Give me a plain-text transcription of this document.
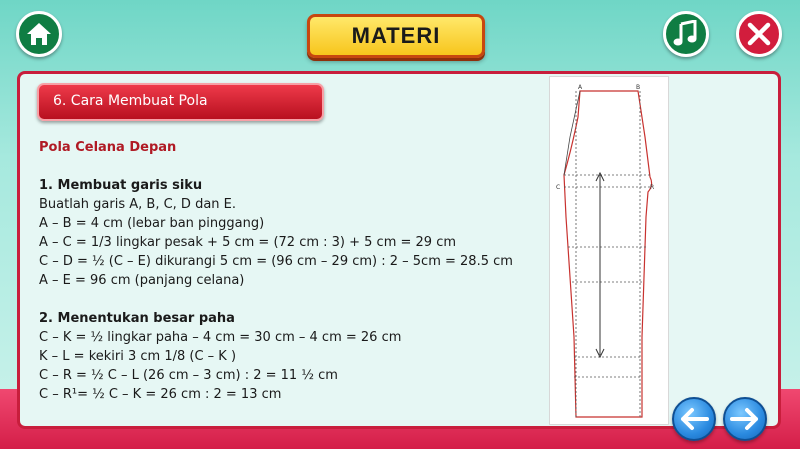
MATERI
6. Cara Membuat Pola
Pola Celana Depan
1. Membuat garis siku
Buatlah garis A, B, C, D dan E.
A – B = 4 cm (lebar ban pinggang)
A – C = 1/3 lingkar pesak + 5 cm = (72 cm : 3) + 5 cm = 29 cm
C – D = ½ (C – E) dikurangi 5 cm = (96 cm – 29 cm) : 2 – 5cm = 28.5 cm
A – E = 96 cm (panjang celana)
2. Menentukan besar paha
C – K = ½ lingkar paha – 4 cm = 30 cm – 4 cm = 26 cm
K – L = kekiri 3 cm 1/8 (C – K )
C – R = ½ C – L (26 cm – 3 cm) : 2 = 11 ½ cm
C – R¹= ½ C – K = 26 cm : 2 = 13 cm
C	R
A	B
